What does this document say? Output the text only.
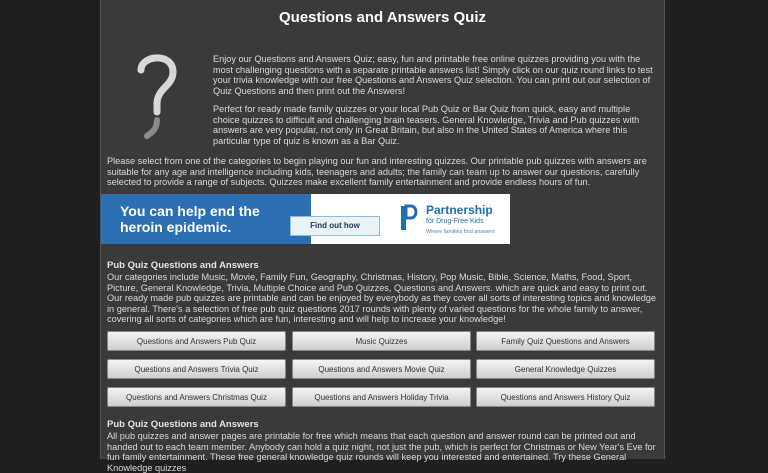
Questions and Answers Quiz

Enjoy our Questions and Answers Quiz; easy, fun and printable free online quizzes providing you with the most challenging questions with a separate printable answers list! Simply click on our quiz round links to test your trivia knowledge with our free Questions and Answers Quiz selection. You can print out our selection of Quiz Questions and then print out the Answers!

Perfect for ready made family quizzes or your local Pub Quiz or Bar Quiz from quick, easy and multiple choice quizzes to difficult and challenging brain teasers. General Knowledge, Trivia and Pub quizzes with answers are very popular, not only in Great Britain, but also in the United States of America where this particular type of quiz is known as a Bar Quiz.

Please select from one of the categories to begin playing our fun and interesting quizzes. Our printable pub quizzes with answers are suitable for any age and intelligence including kids, teenagers and adults; the family can team up to answer our questions, carefully selected to provide a range of subjects. Quizzes make excellent family entertainment and provide endless hours of fun.

You can help end the heroin epidemic.	Find out how
Partnership
for Drug-Free Kids
Where families find answers
Pub Quiz Questions and Answers

Our categories include Music, Movie, Family Fun, Geography, Christmas, History, Pop Music, Bible, Science, Maths, Food, Sport, Picture, General Knowledge, Trivia, Multiple Choice and Pub Quizzes, Questions and Answers. which are quick and easy to print out. Our ready made pub quizzes are printable and can be enjoyed by everybody as they cover all sorts of interesting topics and knowledge in general. There's a selection of free pub quiz questions 2017 rounds with plenty of varied questions for the whole family to answer, covering all sorts of categories which are fun, interesting and will help to increase your knowledge!

Questions and Answers Pub Quiz	Music Quizzes	Family Quiz Questions and Answers
Questions and Answers Trivia Quiz	Questions and Answers Movie Quiz	General Knowledge Quizzes
Questions and Answers Christmas Quiz	Questions and Answers Holiday Trivia	Questions and Answers History Quiz
Pub Quiz Questions and Answers

All pub quizzes and answer pages are printable for free which means that each question and answer round can be printed out and handed out to each team member. Anybody can hold a quiz night, not just the pub, which is perfect for Christmas or New Year's Eve for fun family entertainment. These free general knowledge quiz rounds will keep you interested and entertained. Try these General Knowledge quizzes
